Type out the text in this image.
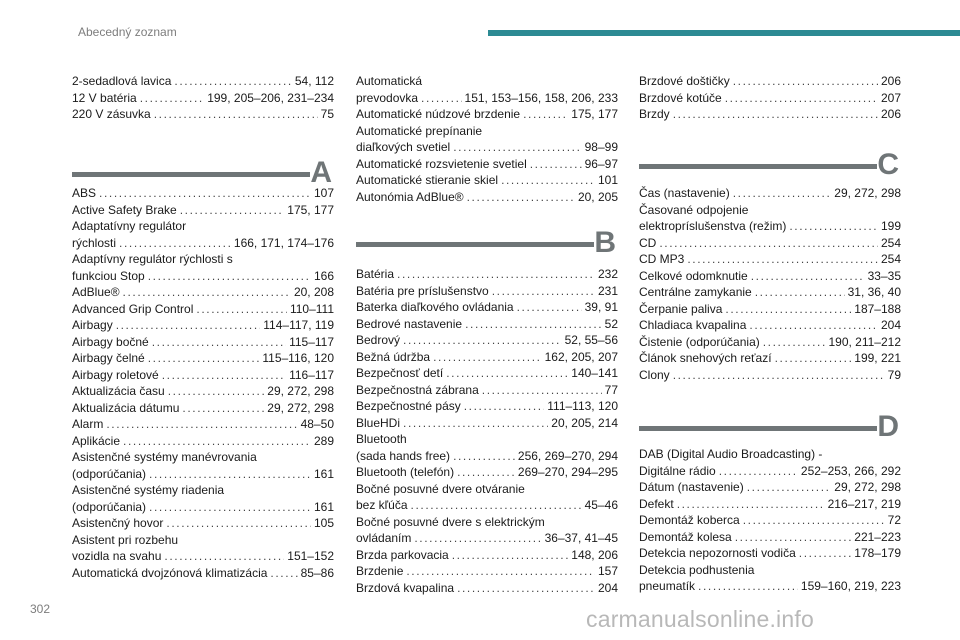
Abecedný zoznam
2-sedadlová lavica .....	54, 112
12 V batéria .....	199, 205–206, 231–234
220 V zásuvka .....	75
A
ABS .....	107
Active Safety Brake .....	175, 177
Adaptatívny regulátor
rýchlosti .....	166, 171, 174–176
Adaptívny regulátor rýchlosti s
funkciou Stop .....	166
AdBlue® .....	20, 208
Advanced Grip Control .....	110–111
Airbagy .....	114–117, 119
Airbagy bočné .....	115–117
Airbagy čelné .....	115–116, 120
Airbagy roletové .....	116–117
Aktualizácia času .....	29, 272, 298
Aktualizácia dátumu .....	29, 272, 298
Alarm .....	48–50
Aplikácie .....	289
Asistenčné systémy manévrovania
(odporúčania) .....	161
Asistenčné systémy riadenia
(odporúčania) .....	161
Asistenčný hovor .....	105
Asistent pri rozbehu
vozidla na svahu .....	151–152
Automatická dvojzónová klimatizácia .....	85–86
Automatická
prevodovka .....	151, 153–156, 158, 206, 233
Automatické núdzové brzdenie .....	175, 177
Automatické prepínanie
diaľkových svetiel .....	98–99
Automatické rozsvietenie svetiel .....	96–97
Automatické stieranie skiel .....	101
Autonómia AdBlue® .....	20, 205
B
Batéria .....	232
Batéria pre príslušenstvo .....	231
Baterka diaľkového ovládania .....	39, 91
Bedrové nastavenie .....	52
Bedrový .....	52, 55–56
Bežná údržba .....	162, 205, 207
Bezpečnosť detí .....	140–141
Bezpečnostná zábrana .....	77
Bezpečnostné pásy .....	111–113, 120
BlueHDi .....	20, 205, 214
Bluetooth
(sada hands free) .....	256, 269–270, 294
Bluetooth (telefón) .....	269–270, 294–295
Bočné posuvné dvere otváranie
bez kľúča .....	45–46
Bočné posuvné dvere s elektrickým
ovládaním .....	36–37, 41–45
Brzda parkovacia .....	148, 206
Brzdenie .....	157
Brzdová kvapalina .....	204
Brzdové doštičky .....	206
Brzdové kotúče .....	207
Brzdy .....	206
C
Čas (nastavenie) .....	29, 272, 298
Časované odpojenie
elektropríslušenstva (režim) .....	199
CD .....	254
CD MP3 .....	254
Celkové odomknutie .....	33–35
Centrálne zamykanie .....	31, 36, 40
Čerpanie paliva .....	187–188
Chladiaca kvapalina .....	204
Čistenie (odporúčania) .....	190, 211–212
Článok snehových reťazí .....	199, 221
Clony .....	79
D
DAB (Digital Audio Broadcasting) -
Digitálne rádio .....	252–253, 266, 292
Dátum (nastavenie) .....	29, 272, 298
Defekt .....	216–217, 219
Demontáž koberca .....	72
Demontáž kolesa .....	221–223
Detekcia nepozornosti vodiča .....	178–179
Detekcia podhustenia
pneumatík .....	159–160, 219, 223
302	carmanualsonline.info
